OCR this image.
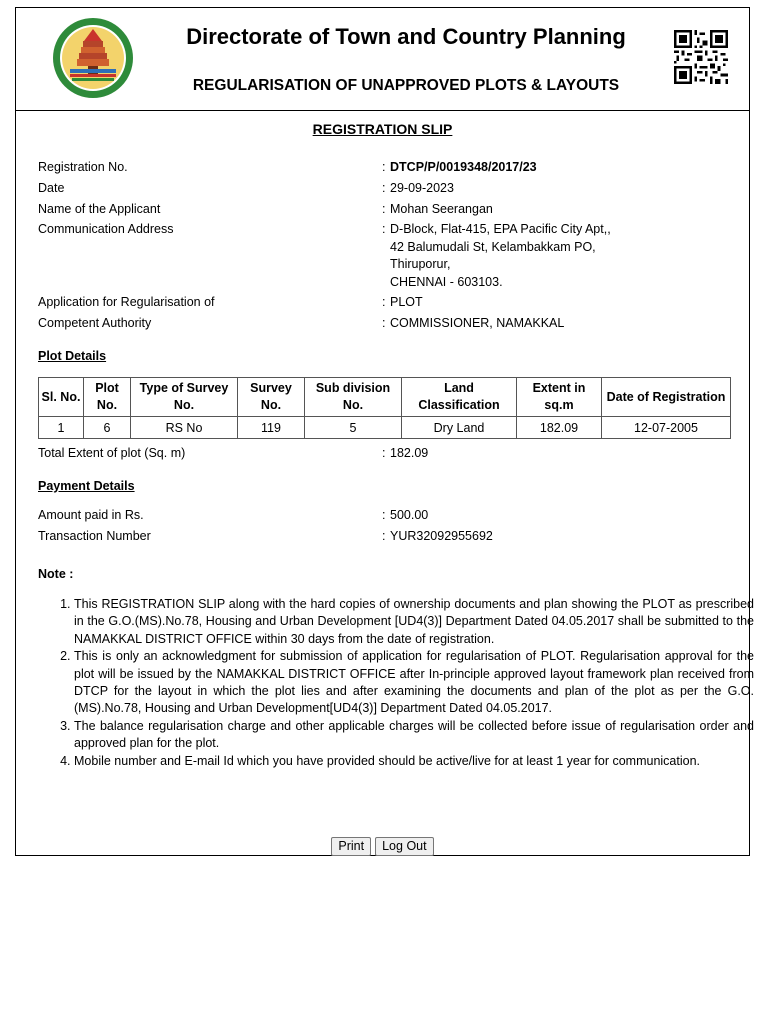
Directorate of Town and Country Planning
REGULARISATION OF UNAPPROVED PLOTS & LAYOUTS
REGISTRATION SLIP
Registration No.	: DTCP/P/0019348/2017/23
Date	: 29-09-2023
Name of the Applicant	: Mohan Seerangan
Communication Address	: D-Block, Flat-415, EPA Pacific City Apt,,
42 Balumudali St, Kelambakkam PO,
Thiruporur,
CHENNAI - 603103.
Application for Regularisation of	: PLOT
Competent Authority	: COMMISSIONER, NAMAKKAL
Plot Details
Sl. No.	Plot No.	Type of Survey No.	Survey No.	Sub division No.	Land Classification	Extent in sq.m	Date of Registration
1	6	RS No	119	5	Dry Land	182.09	12-07-2005
Total Extent of plot (Sq. m)	: 182.09
Payment Details
Amount paid in Rs.	: 500.00
Transaction Number	: YUR32092955692
Note :
1. This REGISTRATION SLIP along with the hard copies of ownership documents and plan showing the PLOT as prescribed in the G.O.(MS).No.78, Housing and Urban Development [UD4(3)] Department Dated 04.05.2017 shall be submitted to the NAMAKKAL DISTRICT OFFICE within 30 days from the date of registration.
2. This is only an acknowledgment for submission of application for regularisation of PLOT. Regularisation approval for the plot will be issued by the NAMAKKAL DISTRICT OFFICE after In-principle approved layout framework plan received from DTCP for the layout in which the plot lies and after examining the documents and plan of the plot as per the G.O.(MS).No.78, Housing and Urban Development[UD4(3)] Department Dated 04.05.2017.
3. The balance regularisation charge and other applicable charges will be collected before issue of regularisation order and approved plan for the plot.
4. Mobile number and E-mail Id which you have provided should be active/live for at least 1 year for communication.
Print Log Out
